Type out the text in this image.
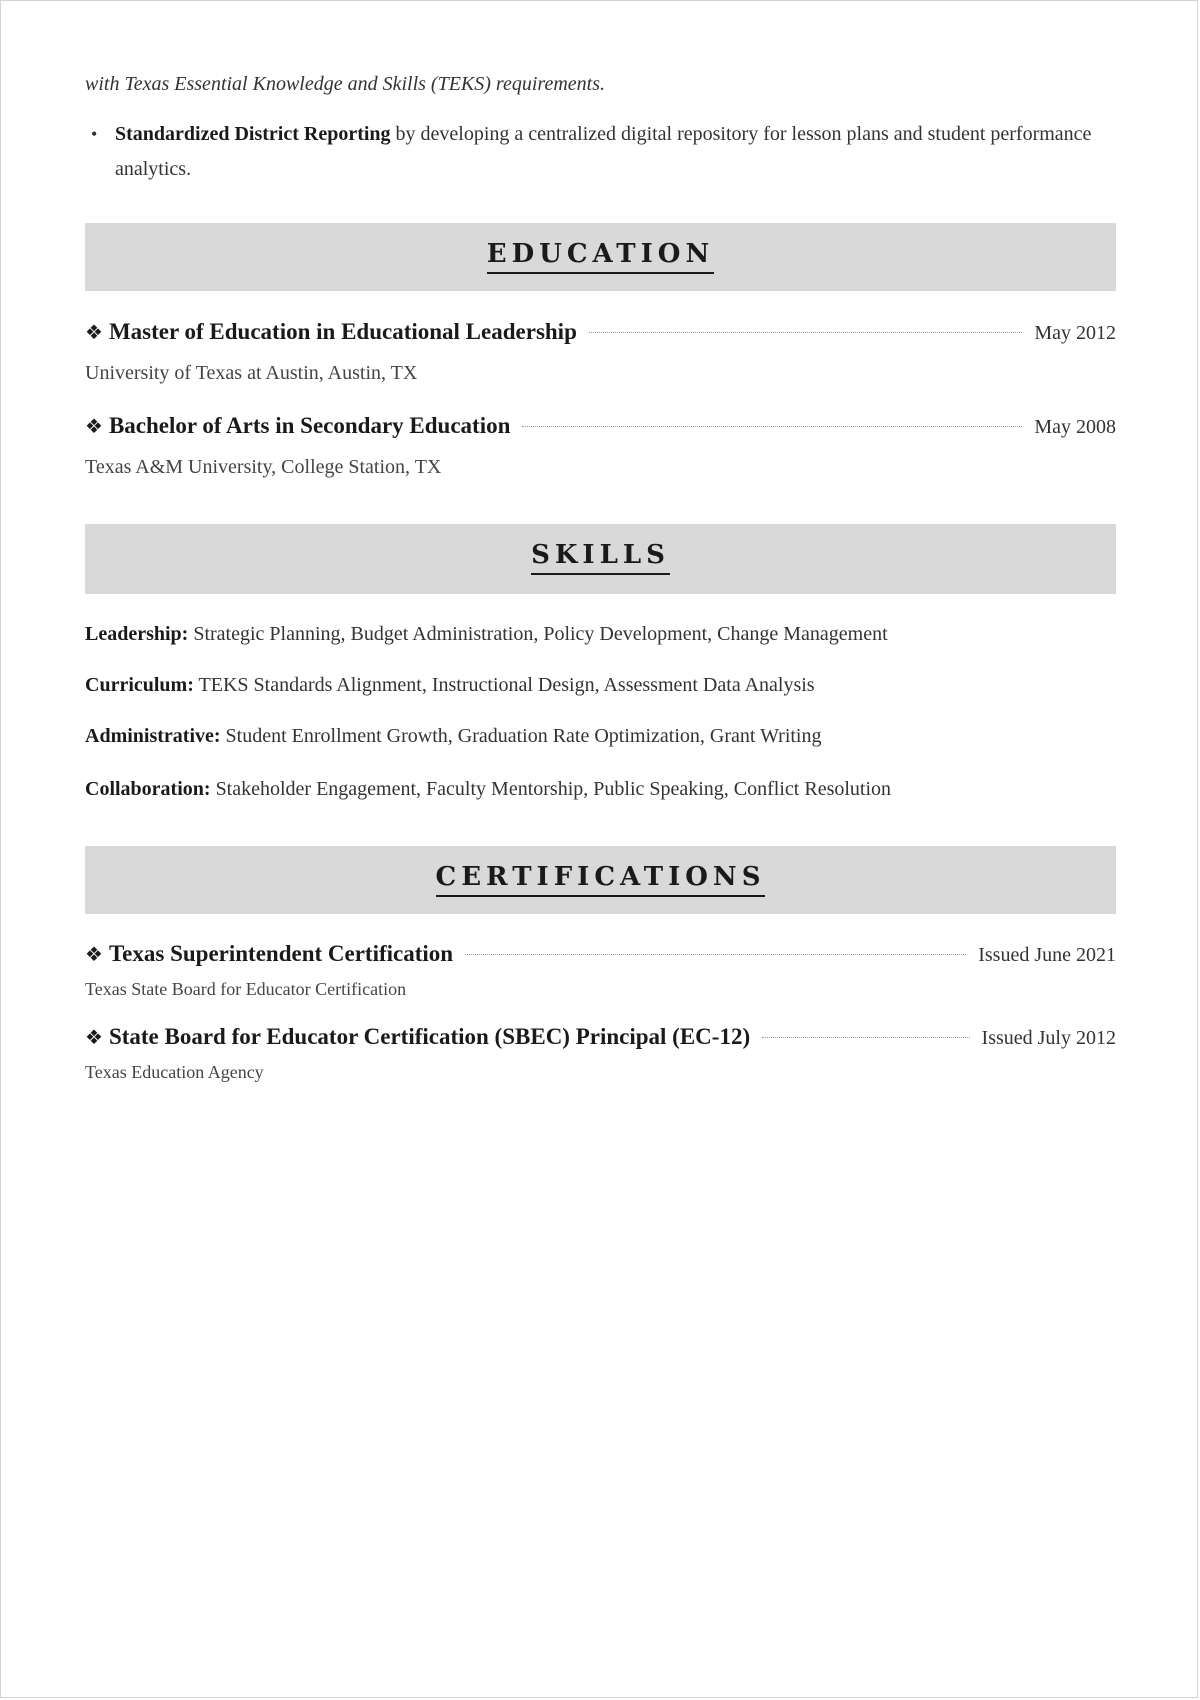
with Texas Essential Knowledge and Skills (TEKS) requirements.
• Standardized District Reporting by developing a centralized digital repository for lesson plans and student performance analytics.
EDUCATION
❖ Master of Education in Educational Leadership	May 2012
University of Texas at Austin, Austin, TX
❖ Bachelor of Arts in Secondary Education	May 2008
Texas A&M University, College Station, TX
SKILLS
Leadership: Strategic Planning, Budget Administration, Policy Development, Change Management
Curriculum: TEKS Standards Alignment, Instructional Design, Assessment Data Analysis
Administrative: Student Enrollment Growth, Graduation Rate Optimization, Grant Writing
Collaboration: Stakeholder Engagement, Faculty Mentorship, Public Speaking, Conflict Resolution
CERTIFICATIONS
❖ Texas Superintendent Certification	Issued June 2021
Texas State Board for Educator Certification
❖ State Board for Educator Certification (SBEC) Principal (EC-12)	Issued July 2012
Texas Education Agency
